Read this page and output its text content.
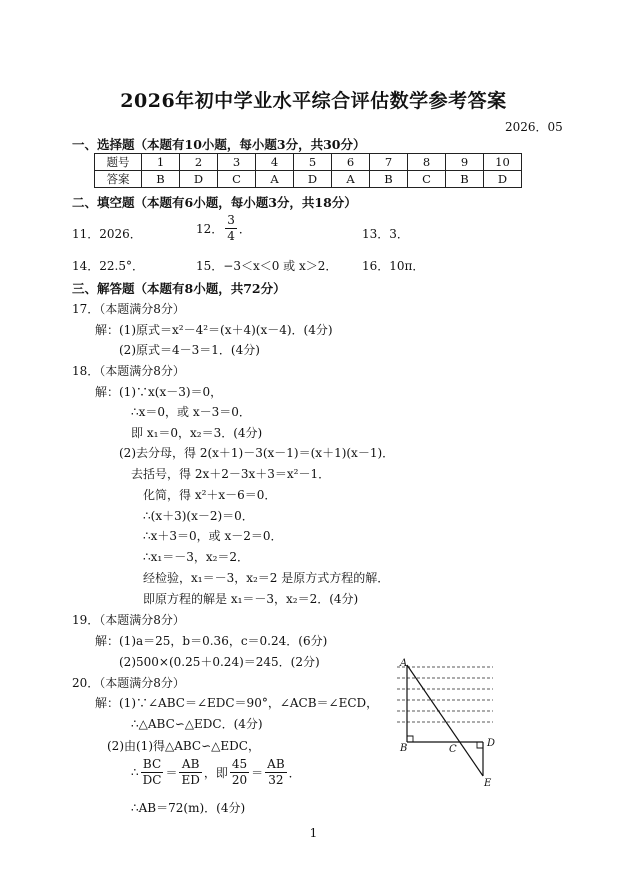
2026年初中学业水平综合评估数学参考答案
2026．05
一、选择题（本题有10小题，每小题3分，共30分）
题号	1	2	3	4	5	6	7	8	9	10
答案	B	D	C	A	D	A	B	C	B	D
二、填空题（本题有6小题，每小题3分，共18分）
11．2026．	12． $\frac{3}{4}$ ．	13．3．
14．22.5°．	15．−3＜x＜0 或 x＞2． 16．10π．
三、解答题（本题有8小题，共72分）
17．（本题满分8分）
解：(1)原式＝x²－4²＝(x＋4)(x－4)．(4分)
(2)原式＝4－3＝1．(4分)
18．（本题满分8分）
解：(1)∵x(x－3)＝0，
∴x＝0，或 x－3＝0．
即 x₁＝0，x₂＝3．(4分)
(2)去分母，得 2(x＋1)－3(x－1)＝(x＋1)(x－1)．
去括号，得 2x＋2－3x＋3＝x²－1．
化简，得 x²＋x－6＝0．
∴(x＋3)(x－2)＝0．
∴x＋3＝0，或 x－2＝0．
∴x₁＝－3，x₂＝2．
经检验，x₁＝－3，x₂＝2 是原方式方程的解．
即原方程的解是 x₁＝－3，x₂＝2．(4分)
19．（本题满分8分）
解：(1)a＝25，b＝0.36，c＝0.24．(6分)
(2)500×(0.25＋0.24)＝245．(2分)
20．（本题满分8分）
解：(1)∵∠ABC＝∠EDC＝90°，∠ACB＝∠ECD，
∴△ABC∽△EDC．(4分)
(2)由(1)得△ABC∽△EDC，
∴ $\frac{BC}{DC} = \frac{AB}{ED}$ ，即 $\frac{45}{20} = \frac{AB}{32}$ ．
∴AB＝72(m)．(4分)
A
B	C
D
E
1
